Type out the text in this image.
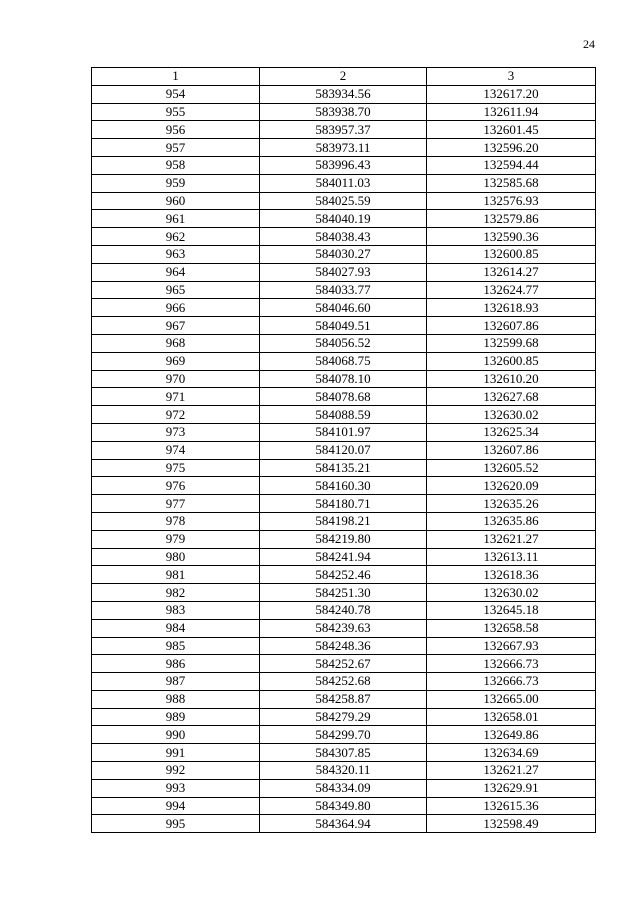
24
1	2	3
954	583934.56	132617.20
955	583938.70	132611.94
956	583957.37	132601.45
957	583973.11	132596.20
958	583996.43	132594.44
959	584011.03	132585.68
960	584025.59	132576.93
961	584040.19	132579.86
962	584038.43	132590.36
963	584030.27	132600.85
964	584027.93	132614.27
965	584033.77	132624.77
966	584046.60	132618.93
967	584049.51	132607.86
968	584056.52	132599.68
969	584068.75	132600.85
970	584078.10	132610.20
971	584078.68	132627.68
972	584088.59	132630.02
973	584101.97	132625.34
974	584120.07	132607.86
975	584135.21	132605.52
976	584160.30	132620.09
977	584180.71	132635.26
978	584198.21	132635.86
979	584219.80	132621.27
980	584241.94	132613.11
981	584252.46	132618.36
982	584251.30	132630.02
983	584240.78	132645.18
984	584239.63	132658.58
985	584248.36	132667.93
986	584252.67	132666.73
987	584252.68	132666.73
988	584258.87	132665.00
989	584279.29	132658.01
990	584299.70	132649.86
991	584307.85	132634.69
992	584320.11	132621.27
993	584334.09	132629.91
994	584349.80	132615.36
995	584364.94	132598.49
